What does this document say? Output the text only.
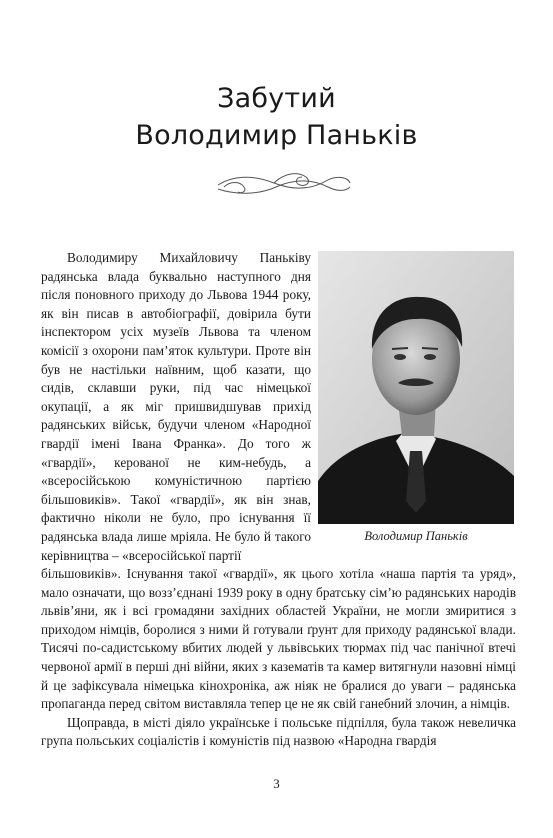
Забутий
Володимир Паньків
Володимир Паньків

Володимиру Михайловичу Паньківу радянська влада буквально наступного дня після поновного приходу до Львова 1944 року, як він писав в автобіографії, довірила бути інспектором усіх музеїв Львова та членом комісії з охорони пам’яток культури. Проте він був не настільки наївним, щоб казати, що сидів, склавши руки, під час німецької окупації, а як міг пришвидшував прихід радянських військ, будучи членом «Народної гвардії імені Івана Франка». До того ж «гвардії», керованої не ким-небудь, а «всеросійською комуністичною партією більшовиків». Такої «гвардії», як він знав, фактично ніколи не було, про існування її радянська влада лише мріяла. Не було й такого керівництва – «всеросійської партії

більшовиків». Існування такої «гвардії», як цього хотіла «наша партія та уряд», мало означати, що возз’єднані 1939 року в одну братську сім’ю радянських народів львів’яни, як і всі громадяни західних областей України, не могли змиритися з приходом німців, боролися з ними й готували ґрунт для приходу радянської влади. Тисячі по-садистському вбитих людей у львівських тюрмах під час панічної втечі червоної армії в перші дні війни, яких з казематів та камер витягнули назовні німці й це зафіксувала німецька кінохроніка, аж ніяк не бралися до уваги – радянська пропаганда перед світом виставляла тепер це не як свій ганебний злочин, а німців.

Щоправда, в місті діяло українське і польське підпілля, була також невеличка група польських соціалістів і комуністів під назвою «Народна гвардія

3
